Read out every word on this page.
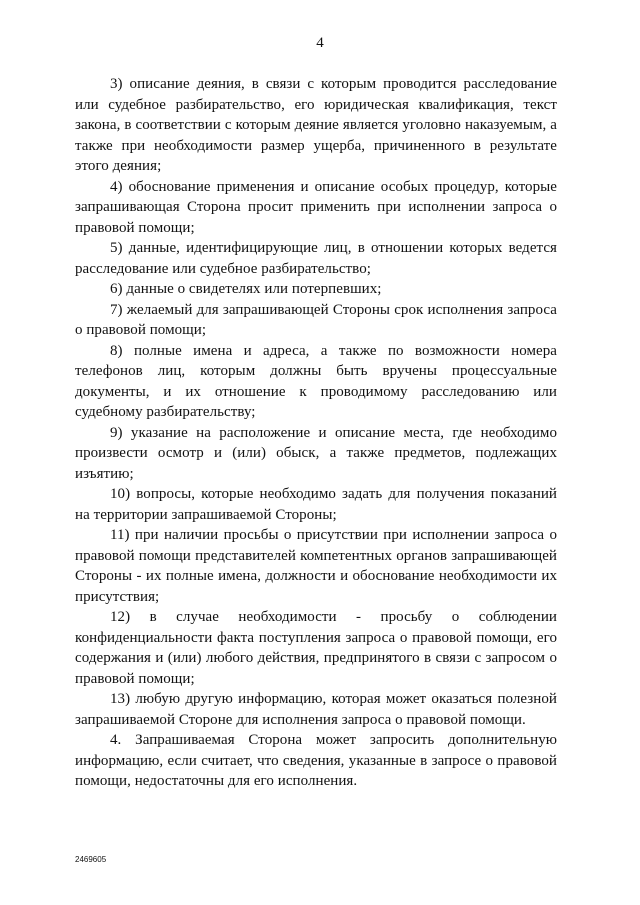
4

3) описание деяния, в связи с которым проводится расследование или судебное разбирательство, его юридическая квалификация, текст закона, в соответствии с которым деяние является уголовно наказуемым, а также при необходимости размер ущерба, причиненного в результате этого деяния;

4) обоснование применения и описание особых процедур, которые запрашивающая Сторона просит применить при исполнении запроса о правовой помощи;

5) данные, идентифицирующие лиц, в отношении которых ведется расследование или судебное разбирательство;

6) данные о свидетелях или потерпевших;

7) желаемый для запрашивающей Стороны срок исполнения запроса о правовой помощи;

8) полные имена и адреса, а также по возможности номера телефонов лиц, которым должны быть вручены процессуальные документы, и их отношение к проводимому расследованию или судебному разбирательству;

9) указание на расположение и описание места, где необходимо произвести осмотр и (или) обыск, а также предметов, подлежащих изъятию;

10) вопросы, которые необходимо задать для получения показаний на территории запрашиваемой Стороны;

11) при наличии просьбы о присутствии при исполнении запроса о правовой помощи представителей компетентных органов запрашивающей Стороны - их полные имена, должности и обоснование необходимости их присутствия;

12) в случае необходимости - просьбу о соблюдении конфиденциальности факта поступления запроса о правовой помощи, его содержания и (или) любого действия, предпринятого в связи с запросом о правовой помощи;

13) любую другую информацию, которая может оказаться полезной запрашиваемой Стороне для исполнения запроса о правовой помощи.

4. Запрашиваемая Сторона может запросить дополнительную информацию, если считает, что сведения, указанные в запросе о правовой помощи, недостаточны для его исполнения.

2469605
